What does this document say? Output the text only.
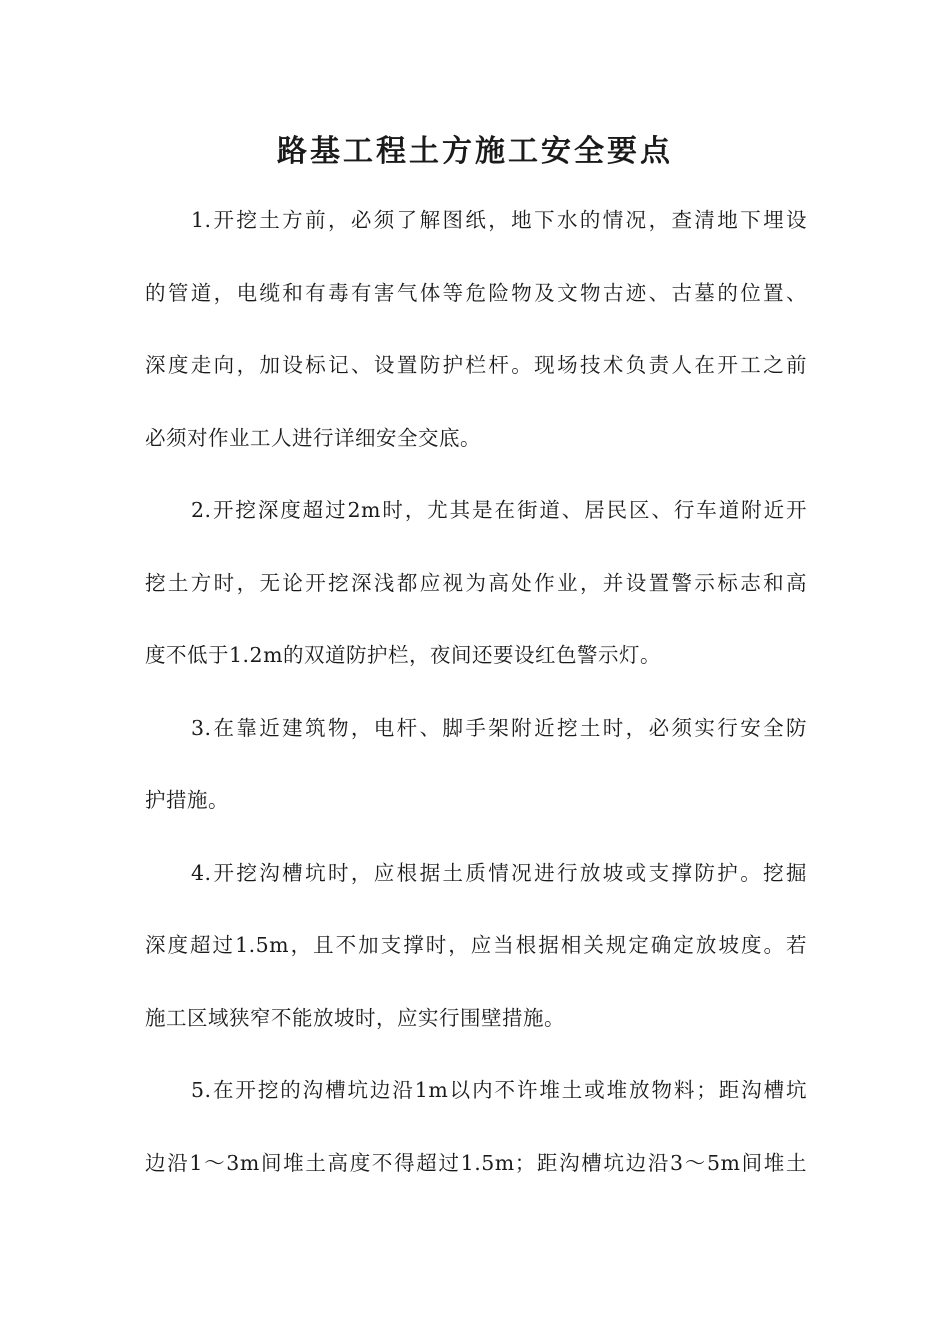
路基工程土方施工安全要点
1.开挖土方前，必须了解图纸，地下水的情况，查清地下埋设
的管道，电缆和有毒有害气体等危险物及文物古迹、古墓的位置、
深度走向，加设标记、设置防护栏杆。现场技术负责人在开工之前
必须对作业工人进行详细安全交底。
2.开挖深度超过2m时，尤其是在街道、居民区、行车道附近开
挖土方时，无论开挖深浅都应视为高处作业，并设置警示标志和高
度不低于1.2m的双道防护栏，夜间还要设红色警示灯。
3.在靠近建筑物，电杆、脚手架附近挖土时，必须实行安全防
护措施。
4.开挖沟槽坑时，应根据土质情况进行放坡或支撑防护。挖掘
深度超过1.5m，且不加支撑时，应当根据相关规定确定放坡度。若
施工区域狭窄不能放坡时，应实行围壁措施。
5.在开挖的沟槽坑边沿1m以内不许堆土或堆放物料；距沟槽坑
边沿1～3m间堆土高度不得超过1.5m；距沟槽坑边沿3～5m间堆土
